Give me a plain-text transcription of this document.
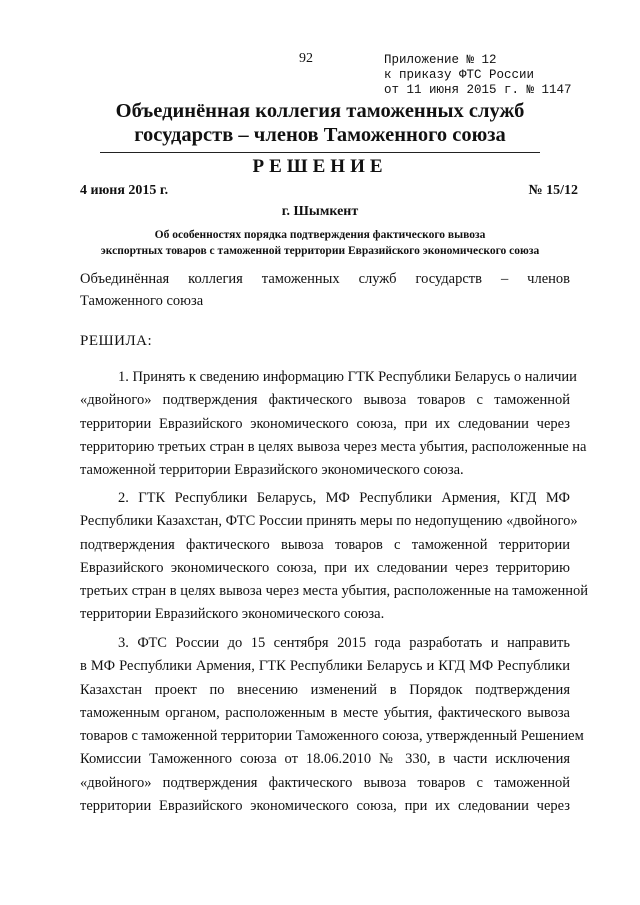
92	Приложение № 12
к приказу ФТС России
от 11 июня 2015 г. № 1147
Объединённая коллегия таможенных служб
государств – членов Таможенного союза
РЕШЕНИЕ
4 июня 2015 г.	№ 15/12
г. Шымкент
Об особенностях порядка подтверждения фактического вывоза
экспортных товаров с таможенной территории Евразийского экономического союза
Объединённая коллегия таможенных служб государств – членов
Таможенного союза
РЕШИЛА:
1. Принять к сведению информацию ГТК Республики Беларусь о наличии
«двойного» подтверждения фактического вывоза товаров с таможенной
территории Евразийского экономического союза, при их следовании через
территорию третьих стран в целях вывоза через места убытия, расположенные на
таможенной территории Евразийского экономического союза.
2. ГТК Республики Беларусь, МФ Республики Армения, КГД МФ
Республики Казахстан, ФТС России принять меры по недопущению «двойного»
подтверждения фактического вывоза товаров с таможенной территории
Евразийского экономического союза, при их следовании через территорию
третьих стран в целях вывоза через места убытия, расположенные на таможенной
территории Евразийского экономического союза.
3. ФТС России до 15 сентября 2015 года разработать и направить
в МФ Республики Армения, ГТК Республики Беларусь и КГД МФ Республики
Казахстан проект по внесению изменений в Порядок подтверждения
таможенным органом, расположенным в месте убытия, фактического вывоза
товаров с таможенной территории Таможенного союза, утвержденный Решением
Комиссии Таможенного союза от 18.06.2010 № 330, в части исключения
«двойного» подтверждения фактического вывоза товаров с таможенной
территории Евразийского экономического союза, при их следовании через
